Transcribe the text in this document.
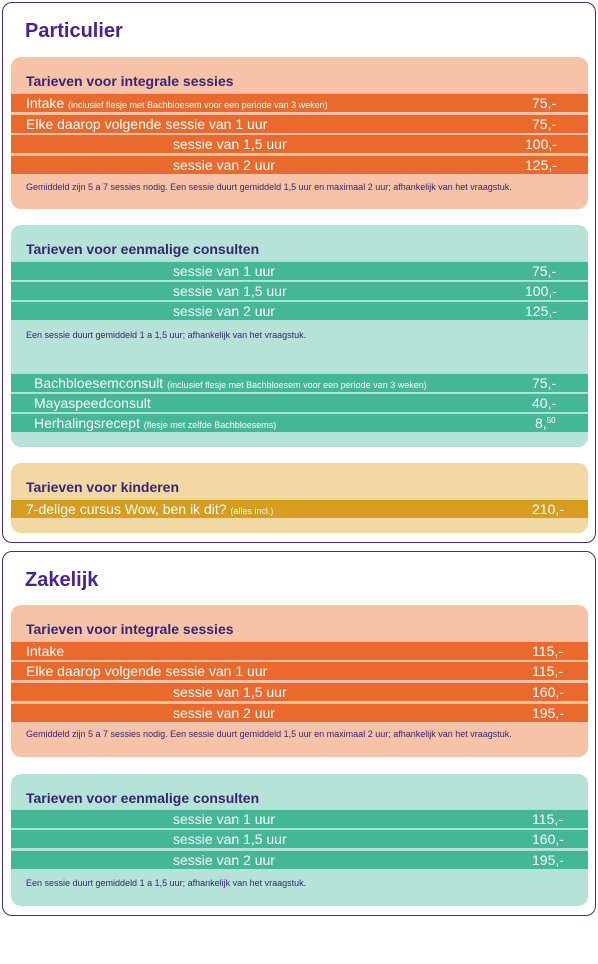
Particulier
Tarieven voor integrale sessies
Intake (inclusief flesje met Bachbloesem voor een periode van 3 weken)	75,-
Elke daarop volgende sessie van 1 uur	75,-
sessie van 1,5 uur	100,-
sessie van 2 uur	125,-
Gemiddeld zijn 5 a 7 sessies nodig. Een sessie duurt gemiddeld 1,5 uur en maximaal 2 uur; afhankelijk van het vraagstuk.
Tarieven voor eenmalige consulten
sessie van 1 uur	75,-
sessie van 1,5 uur	100,-
sessie van 2 uur	125,-
Een sessie duurt gemiddeld 1 a 1,5 uur; afhankelijk van het vraagstuk.
Bachbloesemconsult (inclusief flesje met Bachbloesem voor een periode van 3 weken)	75,-
Mayaspeedconsult	40,-
Herhalingsrecept (flesje met zelfde Bachbloesems)	8,50
Tarieven voor kinderen
7-delige cursus Wow, ben ik dit? (alles incl.)	210,-
Zakelijk
Tarieven voor integrale sessies
Intake	115,-
Elke daarop volgende sessie van 1 uur	115,-
sessie van 1,5 uur	160,-
sessie van 2 uur	195,-
Gemiddeld zijn 5 a 7 sessies nodig. Een sessie duurt gemiddeld 1,5 uur en maximaal 2 uur; afhankelijk van het vraagstuk.
Tarieven voor eenmalige consulten
sessie van 1 uur	115,-
sessie van 1,5 uur	160,-
sessie van 2 uur	195,-
Een sessie duurt gemiddeld 1 a 1,5 uur; afhankelijk van het vraagstuk.
